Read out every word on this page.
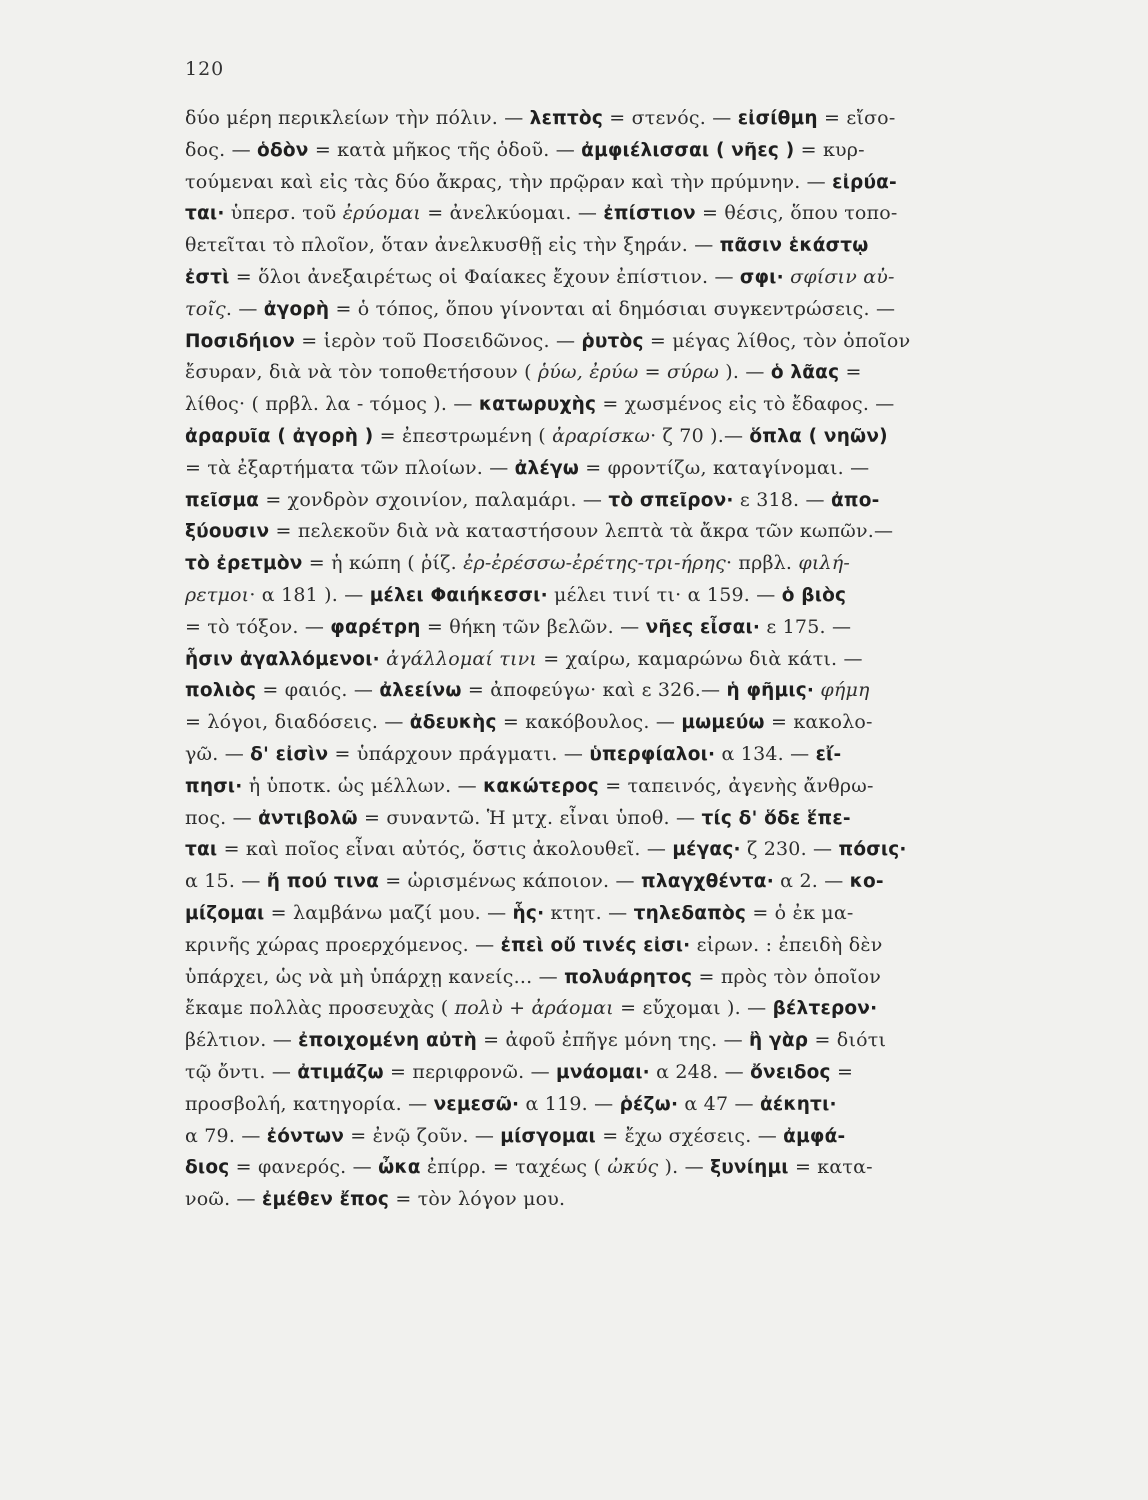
120
δύο μέρη περικλείων τὴν πόλιν. — λεπτὸς = στενός. — εἰσίθμη = εἴσο-
δος. — ὁδὸν = κατὰ μῆκος τῆς ὁδοῦ. — ἀμφιέλισσαι ( νῆες ) = κυρ-
τούμεναι καὶ εἰς τὰς δύο ἄκρας, τὴν πρῷραν καὶ τὴν πρύμνην. — εἰρύα-
ται· ὑπερσ. τοῦ ἐρύομαι = ἀνελκύομαι. — ἐπίστιον = θέσις, ὅπου τοπο-
θετεῖται τὸ πλοῖον, ὅταν ἀνελκυσθῇ εἰς τὴν ξηράν. — πᾶσιν ἑκάστῳ
ἐστὶ = ὅλοι ἀνεξαιρέτως οἱ Φαίακες ἔχουν ἐπίστιον. — σφι· σφίσιν αὐ-
τοῖς. — ἀγορὴ = ὁ τόπος, ὅπου γίνονται αἱ δημόσιαι συγκεντρώσεις. —
Ποσιδήιον = ἱερὸν τοῦ Ποσειδῶνος. — ῥυτὸς = μέγας λίθος, τὸν ὁποῖον
ἔσυραν, διὰ νὰ τὸν τοποθετήσουν ( ῥύω, ἐρύω = σύρω ). — ὁ λᾶας =
λίθος· ( πρβλ. λα - τόμος ). — κατωρυχὴς = χωσμένος εἰς τὸ ἔδαφος. —
ἀραρυῖα ( ἀγορὴ ) = ἐπεστρωμένη ( ἀραρίσκω· ζ 70 ).— ὅπλα ( νηῶν)
= τὰ ἐξαρτήματα τῶν πλοίων. — ἀλέγω = φροντίζω, καταγίνομαι. —
πεῖσμα = χονδρὸν σχοινίον, παλαμάρι. — τὸ σπεῖρον· ε 318. — ἀπο-
ξύουσιν = πελεκοῦν διὰ νὰ καταστήσουν λεπτὰ τὰ ἄκρα τῶν κωπῶν.—
τὸ ἐρετμὸν = ἡ κώπη ( ῥίζ. ἐρ-ἐρέσσω-ἐρέτης-τρι-ήρης· πρβλ. φιλή-
ρετμοι· α 181 ). — μέλει Φαιήκεσσι· μέλει τινί τι· α 159. — ὁ βιὸς
= τὸ τόξον. — φαρέτρη = θήκη τῶν βελῶν. — νῆες εἶσαι· ε 175. —
ἧσιν ἀγαλλόμενοι· ἀγάλλομαί τινι = χαίρω, καμαρώνω διὰ κάτι. —
πολιὸς = φαιός. — ἀλεείνω = ἀποφεύγω· καὶ ε 326.— ἡ φῆμις· φήμη
= λόγοι, διαδόσεις. — ἀδευκὴς = κακόβουλος. — μωμεύω = κακολο-
γῶ. — δ' εἰσὶν = ὑπάρχουν πράγματι. — ὑπερφίαλοι· α 134. — εἴ-
πησι· ἡ ὑποτκ. ὡς μέλλων. — κακώτερος = ταπεινός, ἀγενὴς ἄνθρω-
πος. — ἀντιβολῶ = συναντῶ. Ἡ μτχ. εἶναι ὑποθ. — τίς δ' ὅδε ἕπε-
ται = καὶ ποῖος εἶναι αὐτός, ὅστις ἀκολουθεῖ. — μέγας· ζ 230. — πόσις·
α 15. — ἤ πού τινα = ὡρισμένως κάποιον. — πλαγχθέντα· α 2. — κο-
μίζομαι = λαμβάνω μαζί μου. — ἧς· κτητ. — τηλεδαπὸς = ὁ ἐκ μα-
κρινῆς χώρας προερχόμενος. — ἐπεὶ οὔ τινές εἰσι· εἰρων. : ἐπειδὴ δὲν
ὑπάρχει, ὡς νὰ μὴ ὑπάρχῃ κανείς... — πολυάρητος = πρὸς τὸν ὁποῖον
ἔκαμε πολλὰς προσευχὰς ( πολὺ + ἀράομαι = εὔχομαι ). — βέλτερον·
βέλτιον. — ἐποιχομένη αὐτὴ = ἀφοῦ ἐπῆγε μόνη της. — ἢ γὰρ = διότι
τῷ ὄντι. — ἀτιμάζω = περιφρονῶ. — μνάομαι· α 248. — ὄνειδος =
προσβολή, κατηγορία. — νεμεσῶ· α 119. — ῥέζω· α 47 — ἀέκητι·
α 79. — ἐόντων = ἐνῷ ζοῦν. — μίσγομαι = ἔχω σχέσεις. — ἀμφά-
διος = φανερός. — ὦκα ἐπίρρ. = ταχέως ( ὠκύς ). — ξυνίημι = κατα-
νοῶ. — ἐμέθεν ἔπος = τὸν λόγον μου.
